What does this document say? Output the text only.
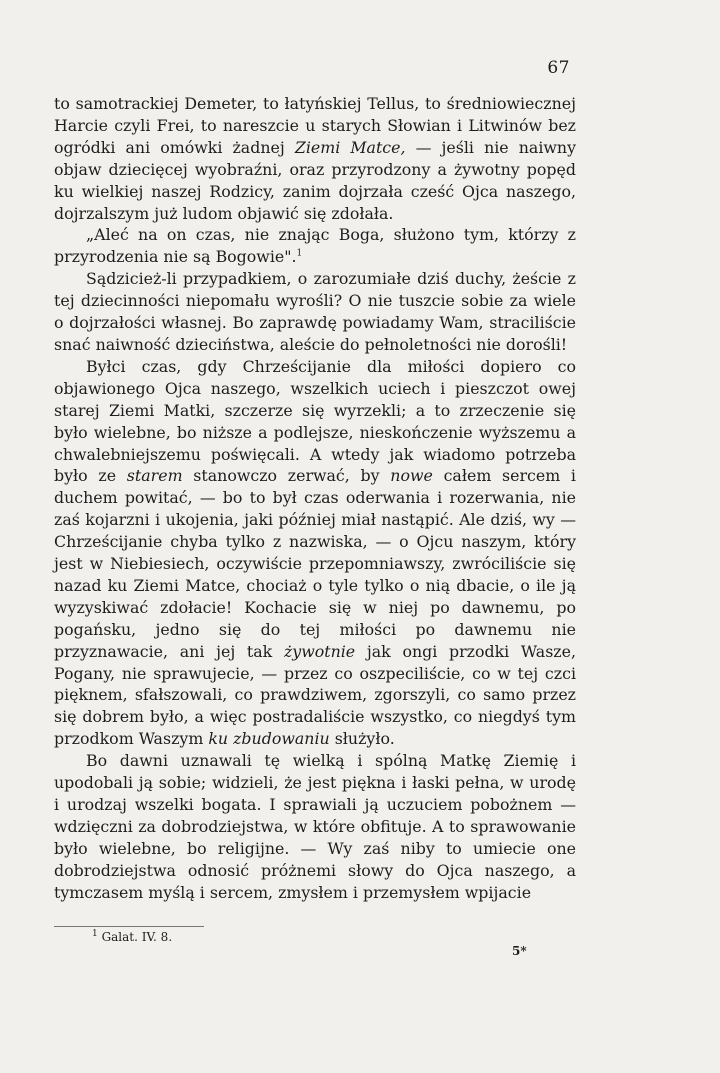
67

to samotrackiej Demeter, to łatyńskiej Tellus, to średniowiecznej Harcie czyli Frei, to nareszcie u starych Słowian i Litwinów bez ogródki ani omówki żadnej Ziemi Matce, — jeśli nie naiwny objaw dziecięcej wyobraźni, oraz przyrodzony a żywotny popęd ku wielkiej naszej Rodzicy, zanim dojrzała cześć Ojca naszego, dojrzalszym już ludom objawić się zdołała.

„Aleć na on czas, nie znając Boga, służono tym, którzy z przyrodzenia nie są Bogowie".$^1$

Sądzicież-li przypadkiem, o zarozumiałe dziś duchy, żeście z tej dziecinności niepomału wyrośli? O nie tuszcie sobie za wiele o dojrzałości własnej. Bo zaprawdę powiadamy Wam, straciliście snać naiwność dzieciństwa, aleście do pełnoletności nie dorośli!

Byłci czas, gdy Chrześcijanie dla miłości dopiero co objawionego Ojca naszego, wszelkich uciech i pieszczot owej starej Ziemi Matki, szczerze się wyrzekli; a to zrzeczenie się było wielebne, bo niższe a podlejsze, nieskończenie wyższemu a chwalebniejszemu poświęcali. A wtedy jak wiadomo potrzeba było ze starem stanowczo zerwać, by nowe całem sercem i duchem powitać, — bo to był czas oderwania i rozerwania, nie zaś kojarzni i ukojenia, jaki później miał nastąpić. Ale dziś, wy — Chrześcijanie chyba tylko z nazwiska, — o Ojcu naszym, który jest w Niebiesiech, oczywiście przepomniawszy, zwróciliście się nazad ku Ziemi Matce, chociaż o tyle tylko o nią dbacie, o ile ją wyzyskiwać zdołacie! Kochacie się w niej po dawnemu, po pogańsku, jedno się do tej miłości po dawnemu nie przyznawacie, ani jej tak żywotnie jak ongi przodki Wasze, Pogany, nie sprawujecie, — przez co oszpeciliście, co w tej czci pięknem, sfałszowali, co prawdziwem, zgorszyli, co samo przez się dobrem było, a więc postradaliście wszystko, co niegdyś tym przodkom Waszym ku zbudowaniu służyło.

Bo dawni uznawali tę wielką i spólną Matkę Ziemię i upodobali ją sobie; widzieli, że jest piękna i łaski pełna, w urodę i urodzaj wszelki bogata. I sprawiali ją uczuciem pobożnem — wdzięczni za dobrodziejstwa, w które obfituje. A to sprawowanie było wielebne, bo religijne. — Wy zaś niby to umiecie one dobrodziejstwa odnosić próżnemi słowy do Ojca naszego, a tymczasem myślą i sercem, zmysłem i przemysłem wpijacie

$^1$ Galat. IV. 8.
5*
